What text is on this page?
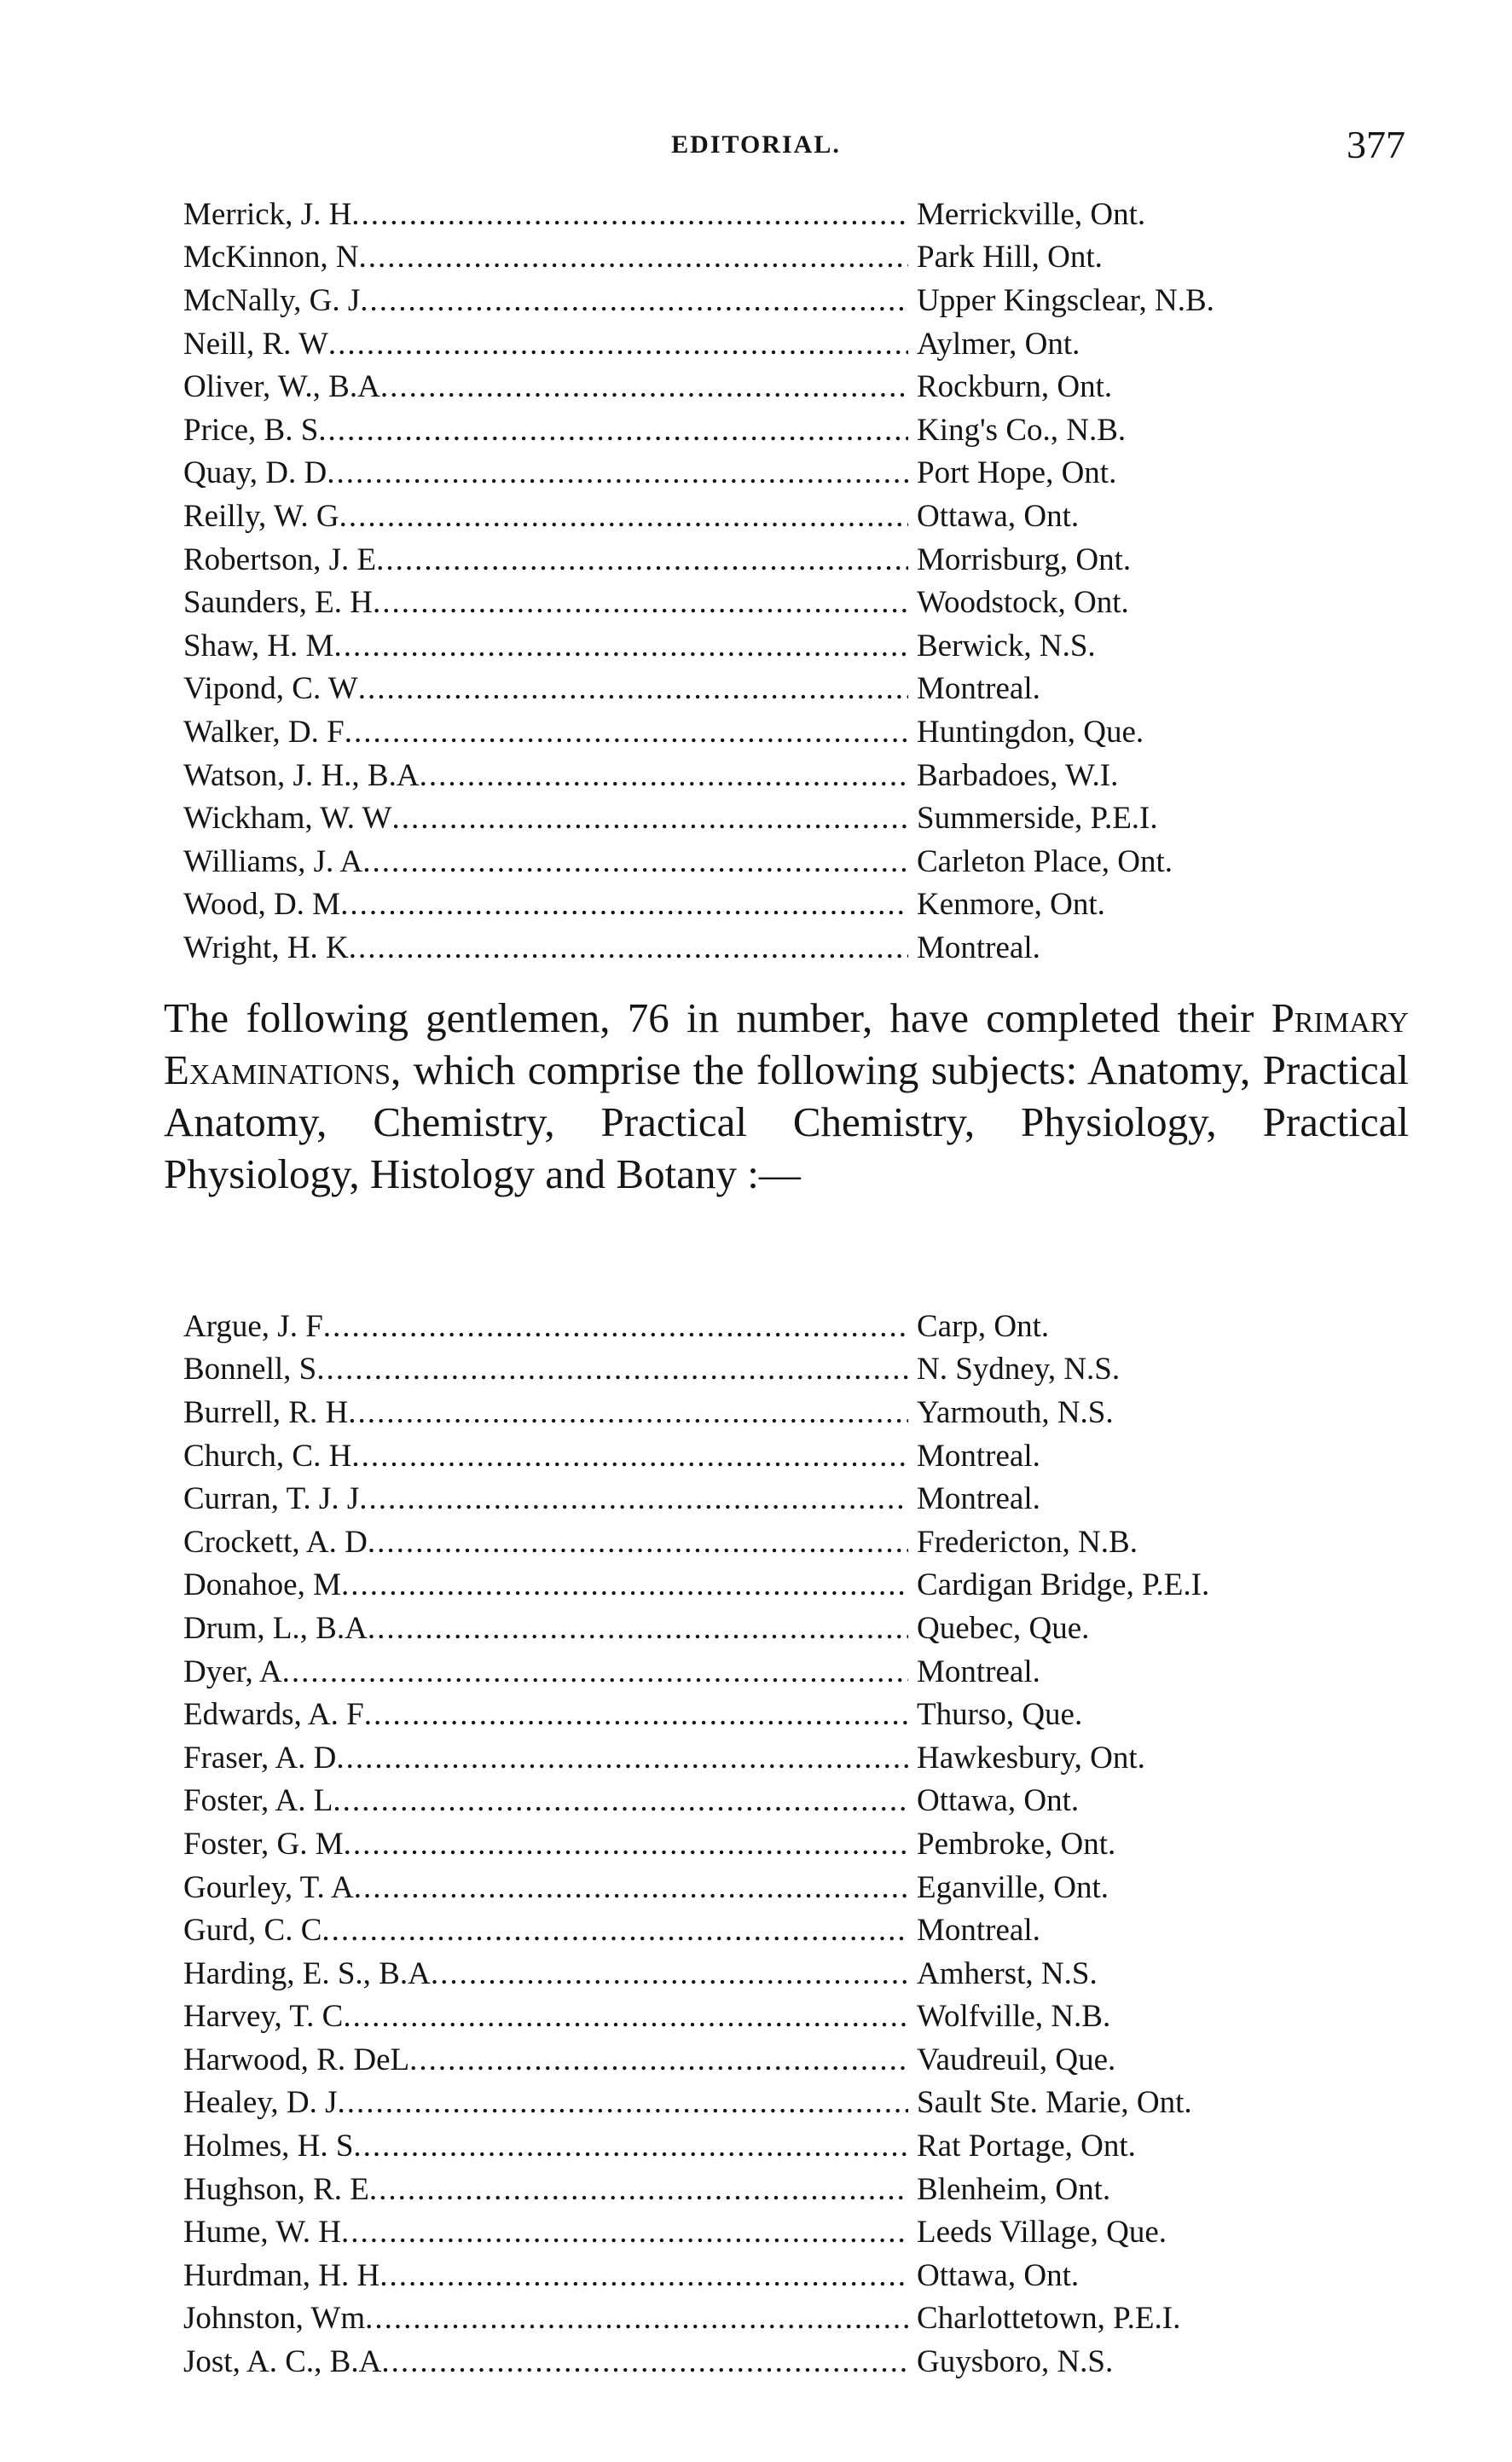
EDITORIAL.	377
Merrick, J. H .....	Merrickville, Ont.
McKinnon, N .....	Park Hill, Ont.
McNally, G. J .....	Upper Kingsclear, N.B.
Neill, R. W .....	Aylmer, Ont.
Oliver, W., B.A .....	Rockburn, Ont.
Price, B. S .....	King's Co., N.B.
Quay, D. D .....	Port Hope, Ont.
Reilly, W. G .....	Ottawa, Ont.
Robertson, J. E .....	Morrisburg, Ont.
Saunders, E. H .....	Woodstock, Ont.
Shaw, H. M .....	Berwick, N.S.
Vipond, C. W .....	Montreal.
Walker, D. F .....	Huntingdon, Que.
Watson, J. H., B.A .....	Barbadoes, W.I.
Wickham, W. W .....	Summerside, P.E.I.
Williams, J. A .....	Carleton Place, Ont.
Wood, D. M .....	Kenmore, Ont.
Wright, H. K .....	Montreal.

The following gentlemen, 76 in number, have completed their Primary Examinations, which comprise the following subjects: Anatomy, Practical Anatomy, Chemistry, Practical Chemistry, Physiology, Practical Physiology, Histology and Botany :—

Argue, J. F .....	Carp, Ont.
Bonnell, S .....	N. Sydney, N.S.
Burrell, R. H .....	Yarmouth, N.S.
Church, C. H .....	Montreal.
Curran, T. J. J .....	Montreal.
Crockett, A. D .....	Fredericton, N.B.
Donahoe, M .....	Cardigan Bridge, P.E.I.
Drum, L., B.A .....	Quebec, Que.
Dyer, A .....	Montreal.
Edwards, A. F .....	Thurso, Que.
Fraser, A. D .....	Hawkesbury, Ont.
Foster, A. L .....	Ottawa, Ont.
Foster, G. M .....	Pembroke, Ont.
Gourley, T. A .....	Eganville, Ont.
Gurd, C. C .....	Montreal.
Harding, E. S., B.A .....	Amherst, N.S.
Harvey, T. C .....	Wolfville, N.B.
Harwood, R. DeL .....	Vaudreuil, Que.
Healey, D. J .....	Sault Ste. Marie, Ont.
Holmes, H. S .....	Rat Portage, Ont.
Hughson, R. E .....	Blenheim, Ont.
Hume, W. H .....	Leeds Village, Que.
Hurdman, H. H .....	Ottawa, Ont.
Johnston, Wm .....	Charlottetown, P.E.I.
Jost, A. C., B.A .....	Guysboro, N.S.
